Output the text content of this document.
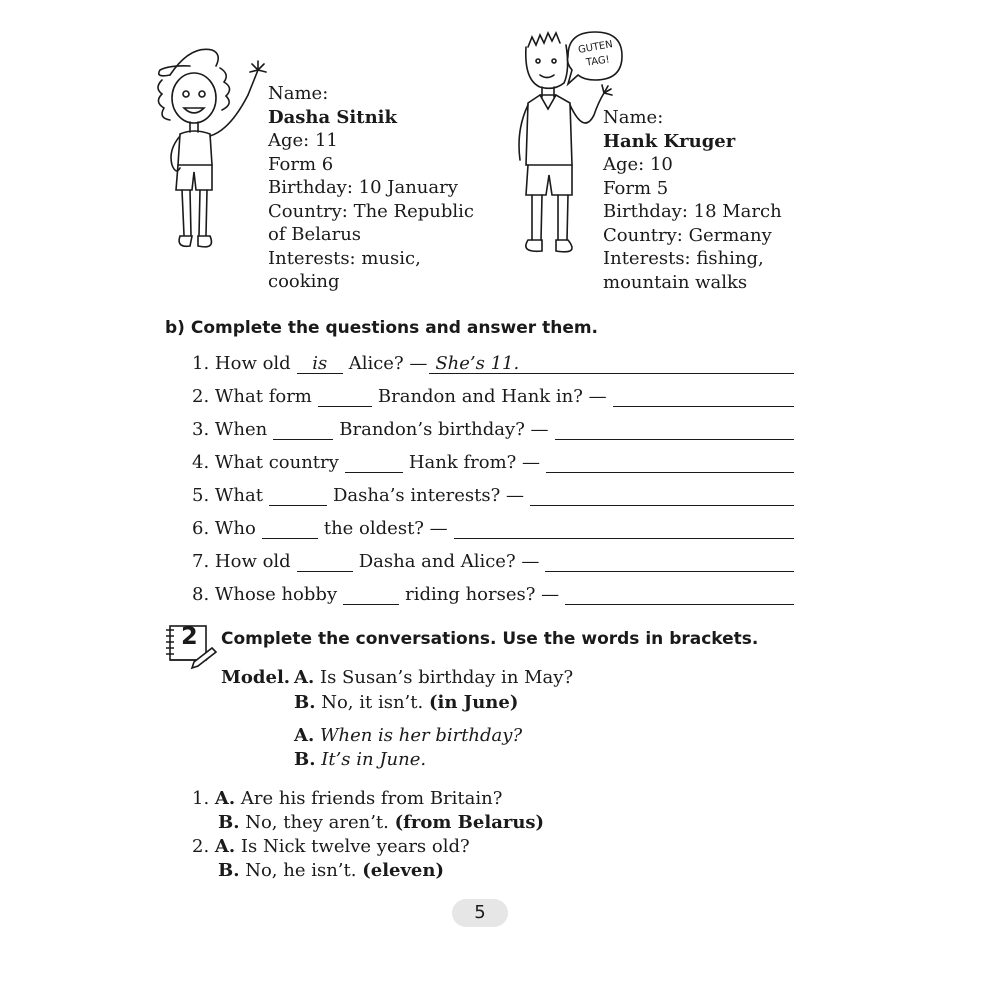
Name:
Dasha Sitnik
Age: 11
Form 6
Birthday: 10 January
Country: The Republic
of Belarus
Interests: music,
cooking
GUTEN
TAG!
Name:
Hank Kruger
Age: 10
Form 5
Birthday: 18 March
Country: Germany
Interests: fishing,
mountain walks
b) Complete the questions and answer them.
1.
How old	is	Alice? — She’s 11.
2.
What form	Brandon and Hank in? —
3.
When	Brandon’s birthday? —
4.
What country	Hank from? —
5.
What	Dasha’s interests? —
6.
Who	the oldest? —
7.
How old	Dasha and Alice? —
8.
Whose hobby	riding horses? —
2 Complete the conversations. Use the words in brackets.
Model. A. Is Susan’s birthday in May?
B. No, it isn’t. (in June)
A. When is her birthday?
B. It’s in June.
1. A. Are his friends from Britain?
B. No, they aren’t. (from Belarus)
2. A. Is Nick twelve years old?
B. No, he isn’t. (eleven)
5
